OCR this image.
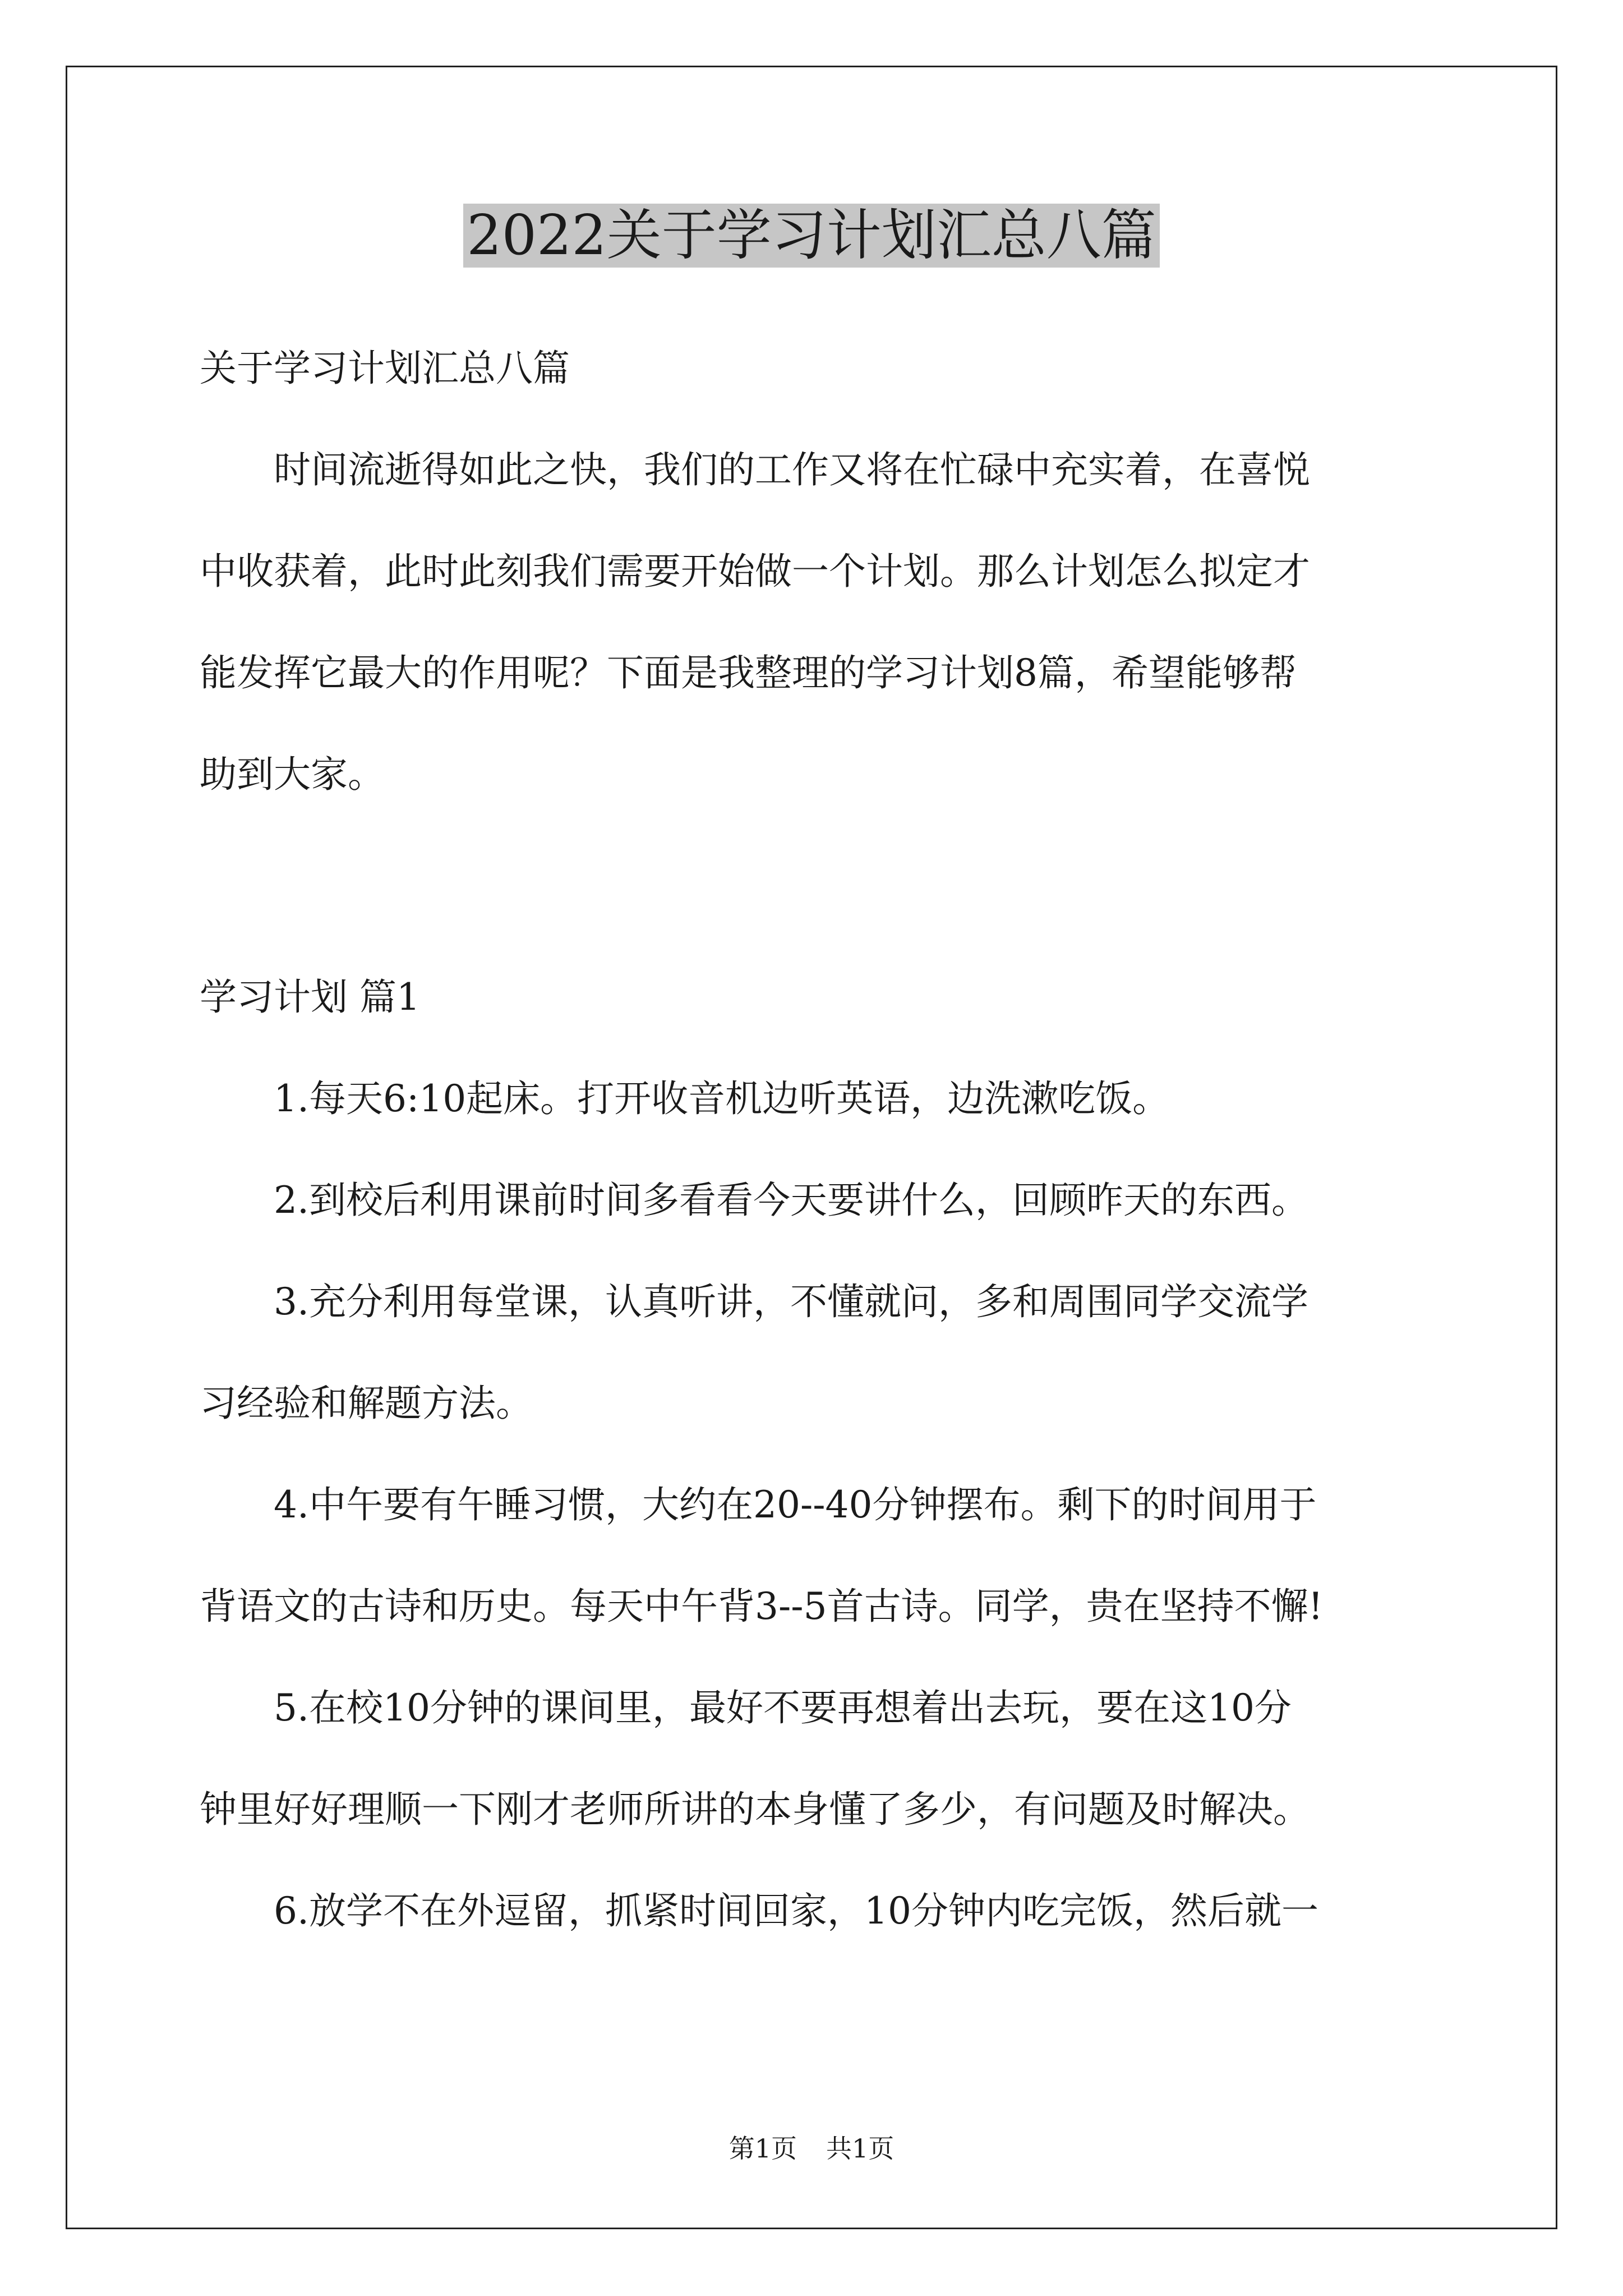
2022关于学习计划汇总八篇
关于学习计划汇总八篇
　　时间流逝得如此之快，我们的工作又将在忙碌中充实着，在喜悦
中收获着，此时此刻我们需要开始做一个计划。那么计划怎么拟定才
能发挥它最大的作用呢？下面是我整理的学习计划8篇，希望能够帮
助到大家。
学习计划 篇1
　　1.每天6:10起床。打开收音机边听英语，边洗漱吃饭。
　　2.到校后利用课前时间多看看今天要讲什么，回顾昨天的东西。
　　3.充分利用每堂课，认真听讲，不懂就问，多和周围同学交流学
习经验和解题方法。
　　4.中午要有午睡习惯，大约在20--40分钟摆布。剩下的时间用于
背语文的古诗和历史。每天中午背3--5首古诗。同学，贵在坚持不懈!
　　5.在校10分钟的课间里，最好不要再想着出去玩，要在这10分
钟里好好理顺一下刚才老师所讲的本身懂了多少，有问题及时解决。
　　6.放学不在外逗留，抓紧时间回家，10分钟内吃完饭，然后就一
第1页 共1页
